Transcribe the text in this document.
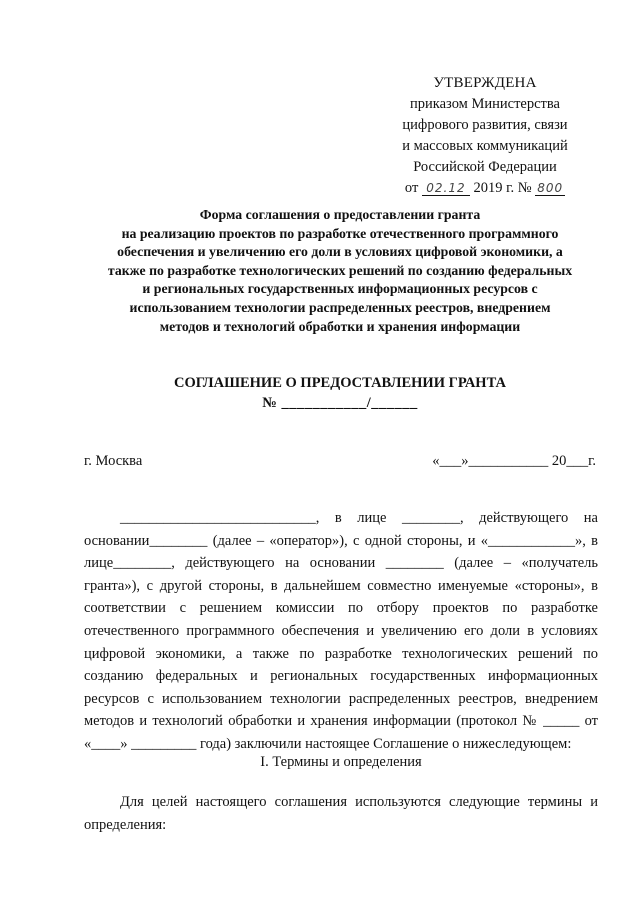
УТВЕРЖДЕНА
приказом Министерства
цифрового развития, связи
и массовых коммуникаций
Российской Федерации
от 02.12 2019 г. № 800
Форма соглашения о предоставлении гранта
на реализацию проектов по разработке отечественного программного
обеспечения и увеличению его доли в условиях цифровой экономики, а
также по разработке технологических решений по созданию федеральных
и региональных государственных информационных ресурсов с
использованием технологии распределенных реестров, внедрением
методов и технологий обработки и хранения информации
СОГЛАШЕНИЕ О ПРЕДОСТАВЛЕНИИ ГРАНТА
№ ___________/______
г. Москва	«___»___________ 20___г.

___________________________, в лице ________, действующего на основании________ (далее – «оператор»), с одной стороны, и «____________», в лице________, действующего на основании ________ (далее – «получатель гранта»), с другой стороны, в дальнейшем совместно именуемые «стороны», в соответствии с решением комиссии по отбору проектов по разработке отечественного программного обеспечения и увеличению его доли в условиях цифровой экономики, а также по разработке технологических решений по созданию федеральных и региональных государственных информационных ресурсов с использованием технологии распределенных реестров, внедрением методов и технологий обработки и хранения информации (протокол № _____ от «____» _________ года) заключили настоящее Соглашение о нижеследующем:

I. Термины и определения

Для целей настоящего соглашения используются следующие термины и определения:
